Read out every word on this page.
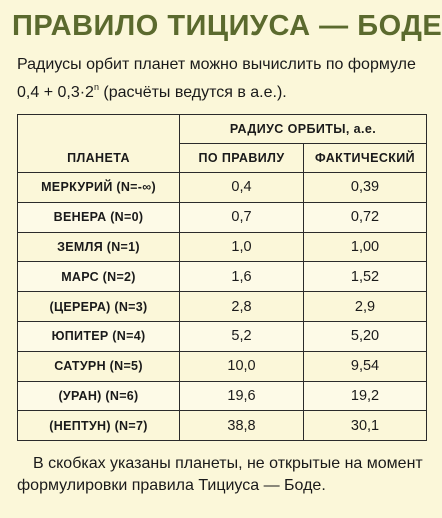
ПРАВИЛО ТИЦИУСА — БОДЕ

Радиусы орбит планет можно вычислить по формуле $0,4 + 0,3\cdot 2^n$ (расчёты ведутся в а.е.).

ПЛАНЕТА	РАДИУС ОРБИТЫ, а.е.	
	ПО ПРАВИЛУ	ФАКТИЧЕСКИЙ
МЕРКУРИЙ (N=-∞)	0,4	0,39
ВЕНЕРА (N=0)	0,7	0,72
ЗЕМЛЯ (N=1)	1,0	1,00
МАРС (N=2)	1,6	1,52
(ЦЕРЕРА) (N=3)	2,8	2,9
ЮПИТЕР (N=4)	5,2	5,20
САТУРН (N=5)	10,0	9,54
(УРАН) (N=6)	19,6	19,2
(НЕПТУН) (N=7)	38,8	30,1

В скобках указаны планеты, не открытые на момент формулировки правила Тициуса — Боде.
